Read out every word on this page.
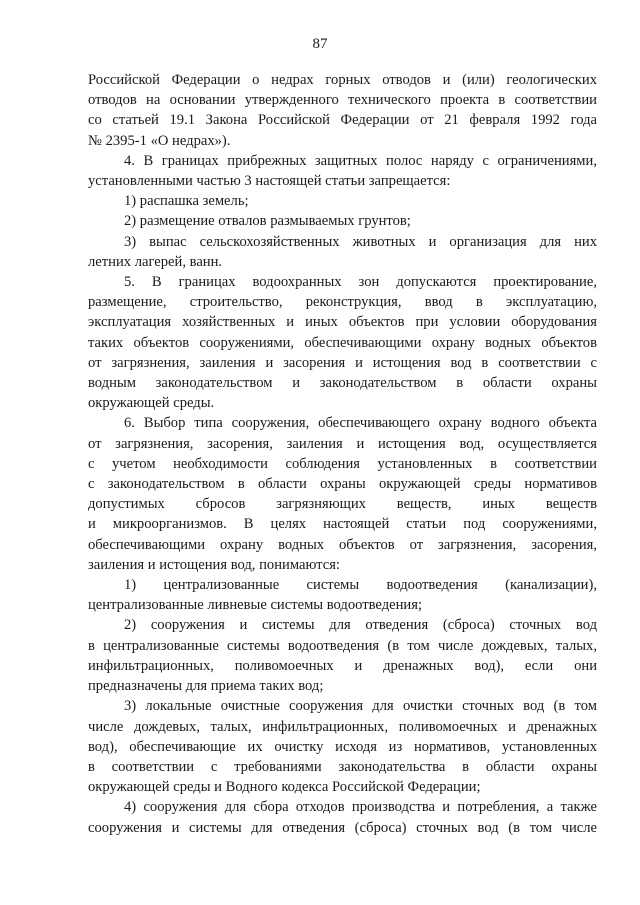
87

Российской Федерации о недрах горных отводов и (или) геологических
отводов на основании утвержденного технического проекта в соответствии
со статьей 19.1 Закона Российской Федерации от 21 февраля 1992 года
№ 2395-1 «О недрах»).

4. В границах прибрежных защитных полос наряду с ограничениями,
установленными частью 3 настоящей статьи запрещается:

1) распашка земель;

2) размещение отвалов размываемых грунтов;

3) выпас сельскохозяйственных животных и организация для них
летних лагерей, ванн.

5. В границах водоохранных зон допускаются проектирование,
размещение, строительство, реконструкция, ввод в эксплуатацию,
эксплуатация хозяйственных и иных объектов при условии оборудования
таких объектов сооружениями, обеспечивающими охрану водных объектов
от загрязнения, заиления и засорения и истощения вод в соответствии с
водным законодательством и законодательством в области охраны
окружающей среды.

6. Выбор типа сооружения, обеспечивающего охрану водного объекта
от загрязнения, засорения, заиления и истощения вод, осуществляется
с учетом необходимости соблюдения установленных в соответствии
с законодательством в области охраны окружающей среды нормативов
допустимых сбросов загрязняющих веществ, иных веществ
и микроорганизмов. В целях настоящей статьи под сооружениями,
обеспечивающими охрану водных объектов от загрязнения, засорения,
заиления и истощения вод, понимаются:

1) централизованные системы водоотведения (канализации),
централизованные ливневые системы водоотведения;

2) сооружения и системы для отведения (сброса) сточных вод
в централизованные системы водоотведения (в том числе дождевых, талых,
инфильтрационных, поливомоечных и дренажных вод), если они
предназначены для приема таких вод;

3) локальные очистные сооружения для очистки сточных вод (в том
числе дождевых, талых, инфильтрационных, поливомоечных и дренажных
вод), обеспечивающие их очистку исходя из нормативов, установленных
в соответствии с требованиями законодательства в области охраны
окружающей среды и Водного кодекса Российской Федерации;

4) сооружения для сбора отходов производства и потребления, а также
сооружения и системы для отведения (сброса) сточных вод (в том числе
